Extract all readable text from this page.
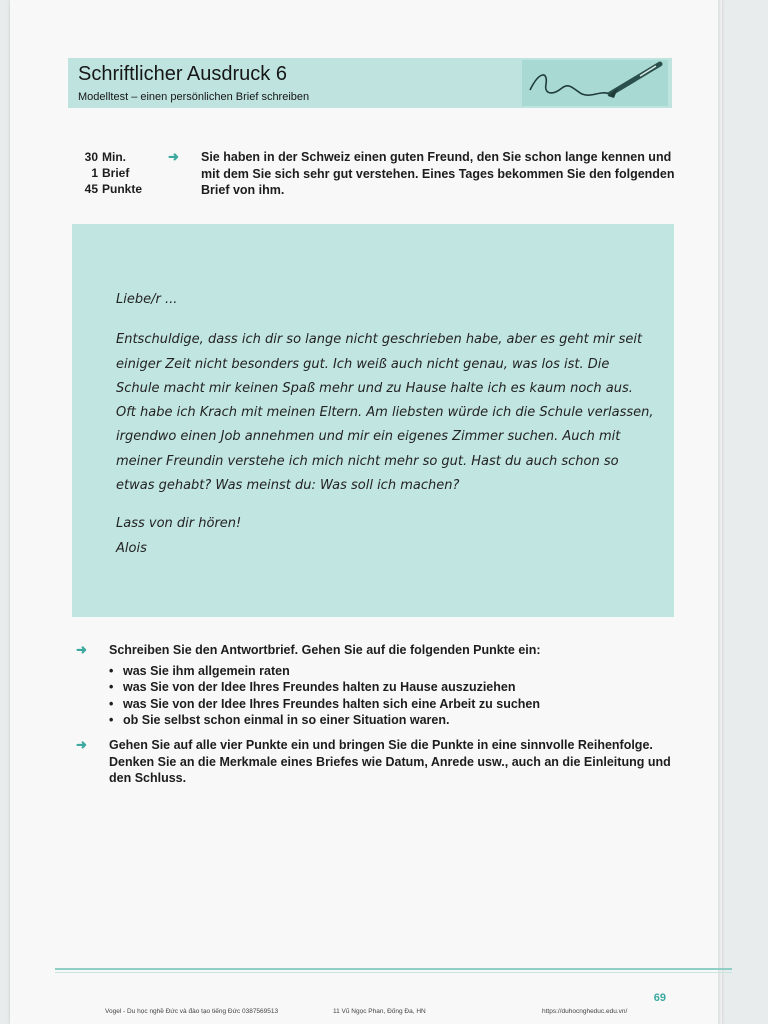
Schriftlicher Ausdruck 6
Modelltest – einen persönlichen Brief schreiben
30 Min.
1 Brief
45 Punkte
➜ Sie haben in der Schweiz einen guten Freund, den Sie schon lange kennen und mit dem Sie sich sehr gut verstehen. Eines Tages bekommen Sie den folgenden Brief von ihm.

Liebe/r ...

Entschuldige, dass ich dir so lange nicht geschrieben habe, aber es geht mir seit

einiger Zeit nicht besonders gut. Ich weiß auch nicht genau, was los ist. Die

Schule macht mir keinen Spaß mehr und zu Hause halte ich es kaum noch aus.

Oft habe ich Krach mit meinen Eltern. Am liebsten würde ich die Schule verlassen,

irgendwo einen Job annehmen und mir ein eigenes Zimmer suchen. Auch mit

meiner Freundin verstehe ich mich nicht mehr so gut. Hast du auch schon so

etwas gehabt? Was meinst du: Was soll ich machen?

Lass von dir hören!

Alois

➜ Schreiben Sie den Antwortbrief. Gehen Sie auf die folgenden Punkte ein:
• was Sie ihm allgemein raten
• was Sie von der Idee Ihres Freundes halten zu Hause auszuziehen
• was Sie von der Idee Ihres Freundes halten sich eine Arbeit zu suchen
• ob Sie selbst schon einmal in so einer Situation waren.
➜ Gehen Sie auf alle vier Punkte ein und bringen Sie die Punkte in eine sinnvolle Reihenfolge. Denken Sie an die Merkmale eines Briefes wie Datum, Anrede usw., auch an die Einleitung und den Schluss.
69
Vogel - Du học nghề Đức và đào tạo tiếng Đức 0387569513	11 Vũ Ngọc Phan, Đống Đa, HN	https://duhocngheduc.edu.vn/
